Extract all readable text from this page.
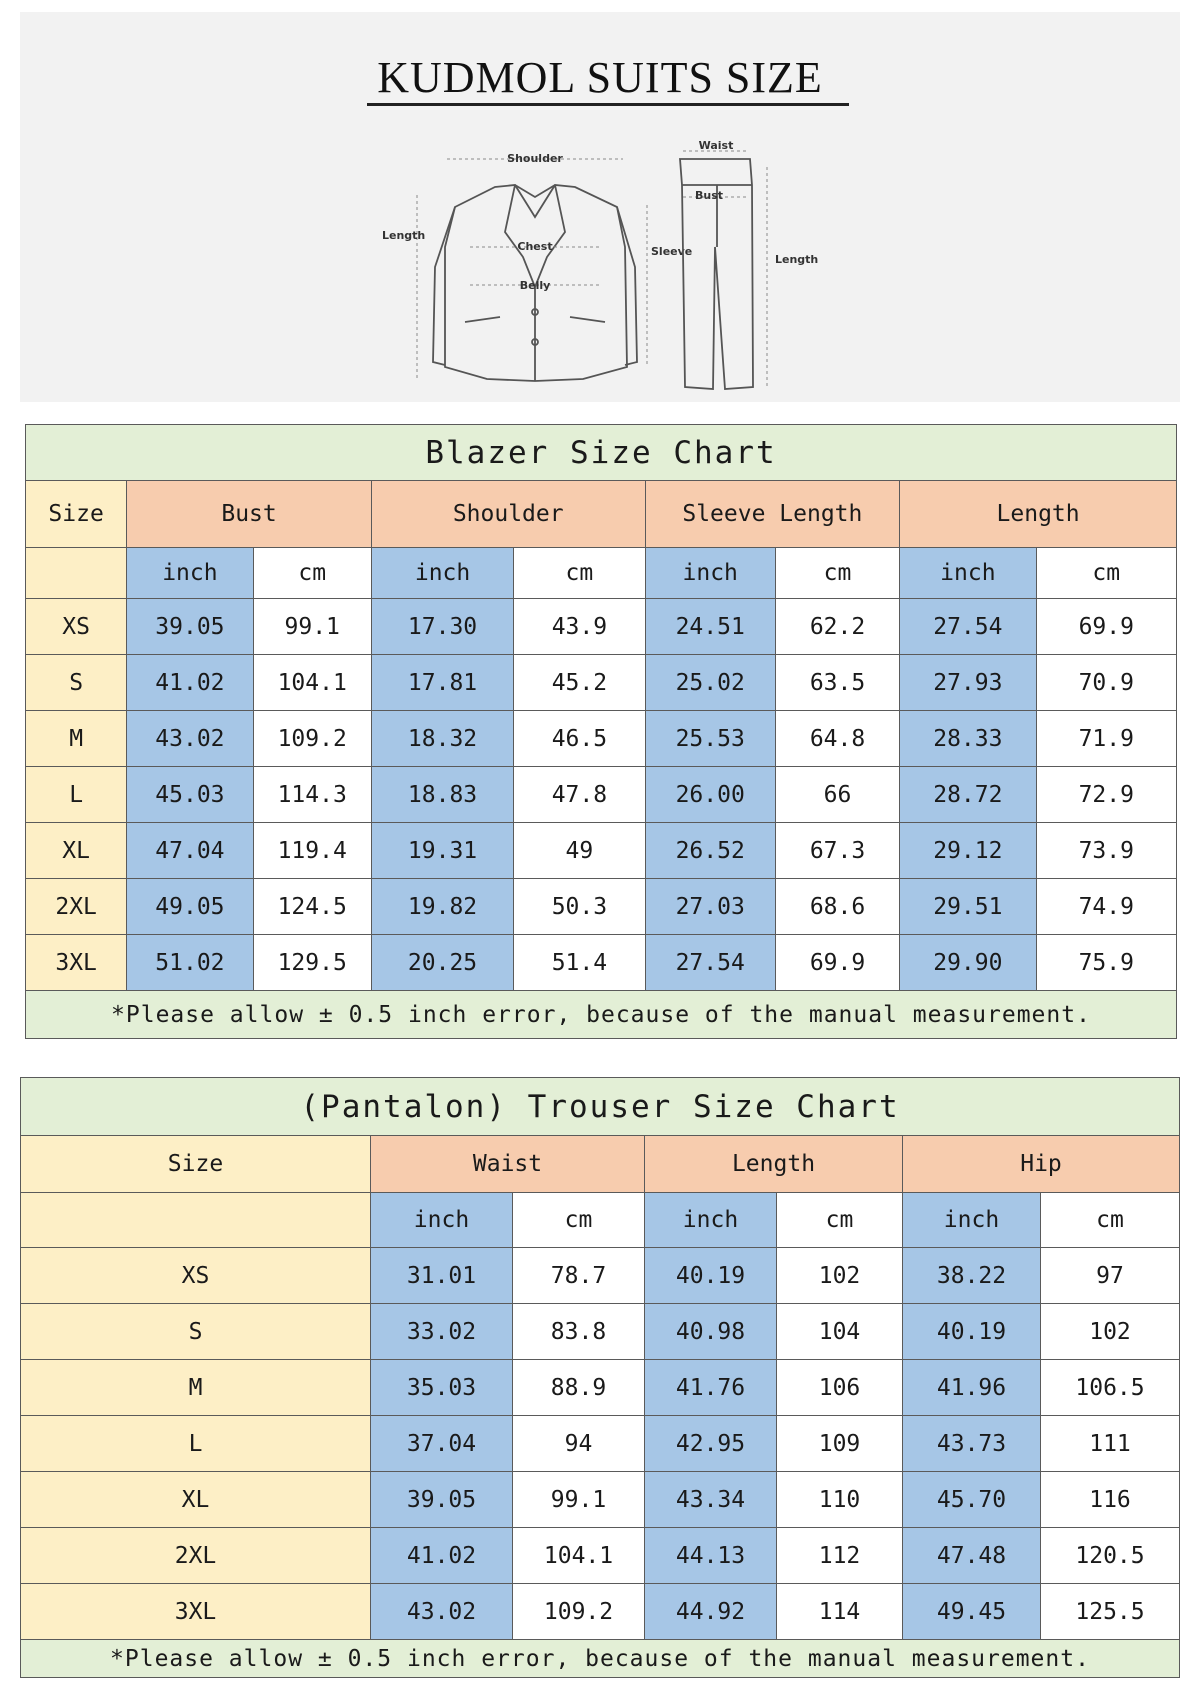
KUDMOL SUITS SIZE
Shoulder
Length
Chest
Belly
Sleeve
Waist
Bust
Length
Blazer Size Chart								
Size	Bust		Shoulder		Sleeve Length		Length	
	inch	cm	inch	cm	inch	cm	inch	cm
XS	39.05	99.1	17.30	43.9	24.51	62.2	27.54	69.9
S	41.02	104.1	17.81	45.2	25.02	63.5	27.93	70.9
M	43.02	109.2	18.32	46.5	25.53	64.8	28.33	71.9
L	45.03	114.3	18.83	47.8	26.00	66	28.72	72.9
XL	47.04	119.4	19.31	49	26.52	67.3	29.12	73.9
2XL	49.05	124.5	19.82	50.3	27.03	68.6	29.51	74.9
3XL	51.02	129.5	20.25	51.4	27.54	69.9	29.90	75.9
*Please allow ± 0.5 inch error, because of the manual measurement.								
(Pantalon) Trouser Size Chart						
Size	Waist		Length		Hip	
	inch	cm	inch	cm	inch	cm
XS	31.01	78.7	40.19	102	38.22	97
S	33.02	83.8	40.98	104	40.19	102
M	35.03	88.9	41.76	106	41.96	106.5
L	37.04	94	42.95	109	43.73	111
XL	39.05	99.1	43.34	110	45.70	116
2XL	41.02	104.1	44.13	112	47.48	120.5
3XL	43.02	109.2	44.92	114	49.45	125.5
*Please allow ± 0.5 inch error, because of the manual measurement.						
